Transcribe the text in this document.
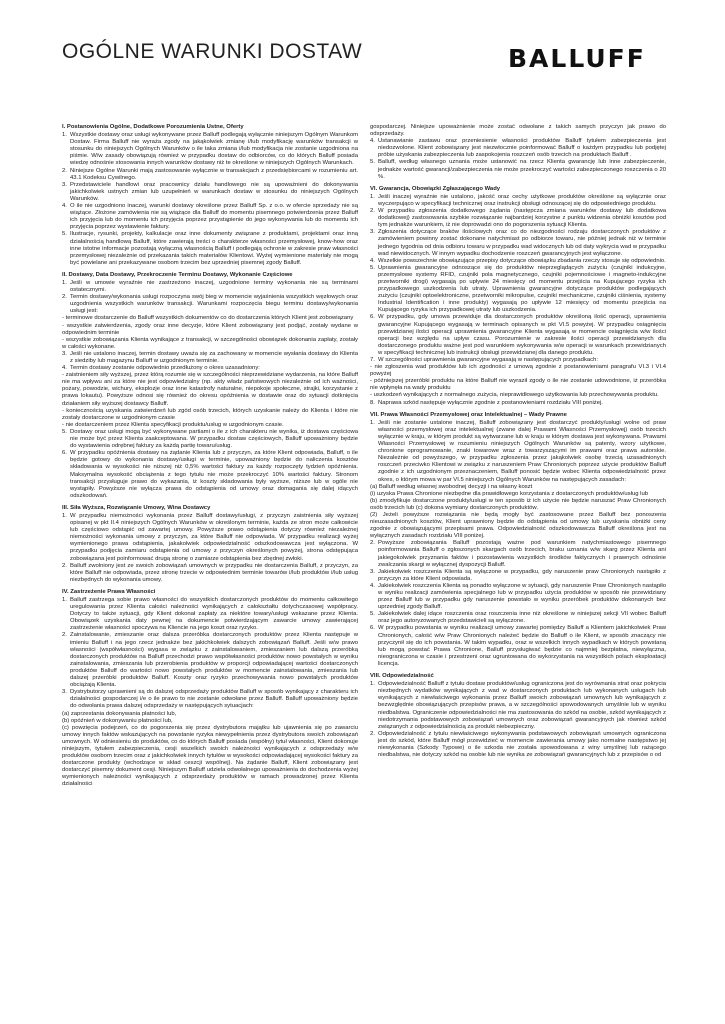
OGÓLNE WARUNKI DOSTAW	BALLUFF
I. Postanowienia Ogólne, Dodatkowe Porozumienia Ustne, Oferty
1. Wszystkie dostawy oraz usługi wykonywane przez Balluff podlegają wyłącznie niniejszym Ogólnym Warunkom Dostaw. Firma Balluff nie wyraża zgody na jakąkolwiek zmianę i/lub modyfikację warunków transakcji w stosunku do niniejszych Ogólnych Warunków o ile taka zmiana i/lub modyfikacja nie zostanie uzgodniona na piśmie. W/w zasady obowiązują również w przypadku dostaw do odbiorców, co do których Balluff posiada wiedzę odnośnie stosowania innych warunków dostawy niż te określone w niniejszych Ogólnych Warunkach.
2. Niniejsze Ogólne Warunki mają zastosowanie wyłącznie w transakcjach z przedsiębiorcami w rozumieniu art. 43.1 Kodeksu Cywilnego.
3. Przedstawiciele handlowi oraz pracownicy działu handlowego nie są upoważnieni do dokonywania jakichkolwiek ustnych zmian lub uzupełnień w warunkach dostaw w stosunku do niniejszych Ogólnych Warunków.
4. O ile nie uzgodniono inaczej, warunki dostawy określone przez Balluff Sp. z o.o. w ofercie sprzedaży nie są wiążące. Złożone zamówienia nie są wiążące dla Balluff do momentu pisemnego potwierdzenia przez Balluff ich przyjęcia lub do momentu ich przyjęcia poprzez przystąpienie do jego wykonywania lub do momentu ich przyjęcia poprzez wystawienie faktury.
5. Ilustracje, rysunki, projekty, kalkulacje oraz inne dokumenty związane z produktami, projektami oraz inną działalnością handlową Balluff, które zawierają treści o charakterze własności przemysłowej, know-how oraz inne istotne informacje pozostają wyłączną własnością Balluff i podlegają ochronie w zakresie praw własności przemysłowej niezależnie od przekazania takich materiałów Klientowi. Wyżej wymienione materiały nie mogą być powielane ani przekazywane osobom trzecim bez uprzedniej pisemnej zgody Balluff.
II. Dostawy, Data Dostawy, Przekroczenie Terminu Dostawy, Wykonanie Częściowe
1. Jeśli w umowie wyraźnie nie zastrzeżono inaczej, uzgodnione terminy wykonania nie są terminami ostatecznymi.
2. Termin dostawy/wykonania usługi rozpoczyna swój bieg w momencie wyjaśnienia wszystkich węzłowych oraz uzgodnienia wszystkich warunków transakcji. Warunkami rozpoczęcia biegu terminu dostawy/wykonania usługi jest:
- terminowe dostarczenie do Balluff wszystkich dokumentów co do dostarczenia których Klient jest zobowiązany
- wszystkie zatwierdzenia, zgody oraz inne decyzje, które Klient zobowiązany jest podjąć, zostały wydane w odpowiednim terminie
- wszystkie zobowiązania Klienta wynikające z transakcji, w szczególności obowiązek dokonania zapłaty, zostały w całości wykonane.
3. Jeśli nie ustalono inaczej, termin dostawy uważa się za zachowany w momencie wysłania dostawy do Klienta z siedziby lub magazynu Balluff w uzgodnionym terminie.
4. Termin dostawy zostanie odpowiednio przedłużony o okres uzasadniony:
- zaistnieniem siły wyższej, przez którą rozumie się w szczególności nieprzewidziane wydarzenia, na które Balluff nie ma wpływu ani za które nie jest odpowiedzialny (np. akty władz państwowych niezależnie od ich ważności, pożary, powodzie, wichury, eksplozje oraz inne katastrofy naturalne, niepokoje społeczne, strajki, korzystanie z prawa lokautu). Powyższe odnosi się również do okresu opóźnienia w dostawie oraz do sytuacji dotknięcia działaniem siły wyższej dostawcy Balluff.
- koniecznością uzyskania zatwierdzeń lub zgód osób trzecich, których uzyskanie należy do Klienta i które nie zostały dostarczone w uzgodnionym czasie
- nie dostarczeniem przez Klienta specyfikacji produktu/usług w uzgodnionym czasie.
5. Dostawy oraz usługi mogą być wykonywane partiami o ile z ich charakteru nie wynika, iż dostawa częściowa nie może być przez Klienta zaakceptowana. W przypadku dostaw częściowych, Balluff upoważniony będzie do wystawienia odrębnej faktury za każdą partię towaru/usług.
6. W przypadku opóźnienia dostawy na żądanie Klienta lub z przyczyn, za które Klient odpowiada, Balluff, o ile będzie gotowy do wykonania dostawy/usługi w terminie, upoważniony będzie do naliczenia kosztów składowania w wysokości nie niższej niż 0,5% wartości faktury za każdy rozpoczęty tydzień opóźnienia. Maksymalna wysokość obciążenia z tego tytułu nie może przekroczyć 10% wartości faktury. Stronom transakcji przysługuje prawo do wykazania, iż koszty składowania były wyższe, niższe lub w ogóle nie wystąpiły. Powyższe nie wyłącza prawa do odstąpienia od umowy oraz domagania się dalej idących odszkodowań.
III. Siła Wyższa, Rozwiązanie Umowy, Wina Dostawcy
1. W przypadku niemożności wykonania przez Balluff dostawy/usługi, z przyczyn zaistnienia siły wyższej opisanej w pkt II.4 niniejszych Ogólnych Warunków w określonym terminie, każda ze stron może całkowicie lub częściowo odstąpić od zawartej umowy. Powyższe prawo odstąpienia dotyczy również niezależnej niemożności wykonania umowy z przyczyn, za które Balluff nie odpowiada. W przypadku realizacji wyżej wymienionego prawa odstąpienia, jakakolwiek odpowiedzialność odszkodowawcza jest wyłączona. W przypadku podjęcia zamiaru odstąpienia od umowy z przyczyn określonych powyżej, strona odstępująca zobowiązana jest poinformować drugą stronę o zamiarze odstąpienia bez zbędnej zwłoki.
2. Balluff zwolniony jest ze swoich zobowiązań umownych w przypadku nie dostarczenia Balluff, z przyczyn, za które Balluff nie odpowiada, przez stronę trzecie w odpowiednim terminie towarów i/lub produktów i/lub usług niezbędnych do wykonania umowy.
IV. Zastrzeżenie Prawa Własności
1. Balluff zastrzega sobie prawo własności do wszystkich dostarczonych produktów do momentu całkowitego uregulowania przez Klienta całości należności wynikających z całokształtu dotychczasowej współpracy. Dotyczy to także sytuacji, gdy Klient dokonał zapłaty za niektóre towary/usługi wskazane przez Klienta. Obowiązek uzyskania daty pewnej na dokumencie potwierdzającym zawarcie umowy zawierającej zastrzeżenie własności spoczywa na Kliencie na jego koszt oraz ryzyko.
2. Zainstalowanie, zmieszanie oraz dalsza przeróbka dostarczonych produktów przez Klienta następuje w imieniu Balluff i na jego rzecz jednakże bez jakichkolwiek dalszych zobowiązań Balluff. Jeśli w/w prawo własności (współwłasności) wygasa w związku z zainstalowaniem, zmieszaniem lub dalszą przeróbką dostarczonych produktów na Balluff przechodzi prawo współwłasności produktów nowo powstałych w wyniku zainstalowania, zmieszania lub przerobienia produktów w proporcji odpowiadającej wartości dostarczonych produktów Balluff do wartości nowo powstałych produktów w momencie zainstalowania, zmieszania lub dalszej przeróbki produktów Balluff. Koszty oraz ryzyko przechowywania nowo powstałych produktów obciążają Klienta.
3. Dystrybutorzy uprawnieni są do dalszej odsprzedaży produktów Balluff w sposób wynikający z charakteru ich działalności gospodarczej i/e o ile prawo to nie zostanie odwołane przez Balluff. Balluff upoważniony będzie do odwołania prawa dalszej odsprzedaży w następujących sytuacjach:
(a) zaprzestania dokonywania płatności lub,
(b) opóźnień w dokonywaniu płatności lub,
(c) powzięcia podejrzeń, co do pogorszenia się przez dystrybutora majątku lub ujawnienia się po zawarciu umowy innych faktów wskazujących na powstanie ryzyka niewypełnienia przez dystrybutora swoich zobowiązań umownych. W odniesieniu do produktów, co do których Balluff posiada (współny) tytuł własności, Klient dokonuje niniejszym, tytułem zabezpieczenia, cesji wszelkich swoich należności wynikających z odsprzedaży w/w produktów osobom trzecim oraz z jakichkolwiek innych tytułów w wysokości odpowiadającej wysokości faktury za dostarczone produkty (wchodzące w skład ceszcji wspólnej). Na żądanie Balluff, Klient zobowiązany jest dostarczyć pisemny dokument cesji. Niniejszym Balluff udziela odwołalnego upoważnienia do dochodzenia wyżej wymienionych należności wynikających z odsprzedaży produktów w ramach prowadzonej przez Klienta działalności
gospodarczej. Niniejsze upoważnienie może zostać odwołane z takich samych przyczyn jak prawo do odsprzedaży.
4. Ustanawianie zastawu oraz przeniesienie własności produktów Balluff tytułem zabezpieczenia jest niedozwolone. Klient zobowiązany jest niezwłocznie poinformować Balluff o każdym przypadku lub podjętej próbie użyskania zabezpieczenia lub zaspokojenia roszczeń osób trzecich na produktach Balluff .
5. Balluff, według własnego uznania może ustanowić na rzecz Klienta gwarancję lub inne zabezpieczenie, jednakże wartość gwarancji/zabezpieczenia nie może przekroczyć wartości zabezpieczonego roszczenia o 20 %.
VI. Gwarancja, Obowiązki Zgłaszającego Wady
1. Jeśli inaczej wyraźnie nie ustalono, jakość oraz cechy użytkowe produktów określone są wyłącznie oraz wyczerpująco w specyfikacji technicznej oraz instrukcji obsługi odnoszącej się do odpowiedniego produktu.
2. W przypadku zgłoszenia dodatkowego żądania (następcza zmiana warunków dostawy lub dodatkowa dodatkowej) zastosowania szybkie rozwiązanie najbardziej korzystne z punktu widzenia obniżki kosztów pod tym jednakże warunkiem, iż nie doprowadzi ono do pogorszenia sytuacji Klienta.
3. Zgłoszenia dotyczące braków ilościowych oraz co do niezgodności rodzaju dostarczonych produktów z zamówieniem powinny zostać dokonane natychmiast po odbiorze towaru, nie później jednak niż w terminie jednego tygodnia od dnia odbioru towaru w przypadku wad widocznych lub od daty wykrycia wad w przypadku wad niewidocznych. W innym wypadku dochodzenie roszczeń gwarancyjnych jest wyłączone.
4. Wszelkie powszechnie obowiązujące przepisy dotyczące obowiązku zbadania rzeczy stosuje się odpowiednio.
5. Uprawnienia gwarancyjne odnoszące się do produktów nieprzeglądących zużyciu (czujniki indukcyjne, przemysłowe systemy RFID, czujniki pola magnetycznego, czujniki pojemnościowe i magneto-indukcyjne przetworniki drogi) wygasają po upływie 24 miesięcy od momentu przejścia na Kupującego ryzyka ich przypadkowego uszkodzenia lub utraty. Uprawnienia gwarancyjne dotyczące produktów podlegających zużyciu (czujniki optoelektroniczne, przetworniki mikropulse, czujniki mechaniczne, czujniki ciśnienia, systemy Industrial Identification i inne produkty) wygasają po upływie 12 miesięcy od momentu przejścia na Kupującego ryzyka ich przypadkowej utraty lub uszkodzenia.
6. W przypadku, gdy umowa przewiduje dla dostarczonych produktów określoną ilość operacji, uprawnienia gwarancyjne Kupującego wygasają w terminach opisanych w pkt VI.5 powyżej. W przypadku osiągnięcia przewidzianej ilości operacji uprawnienia gwarancyjne Klienta wygasają w momencie osiągnięcia w/w ilości operacji bez względu na upływ czasu. Porozumienie w zakresie ilości operacji przewidzianych dla dostarczonego produktu ważne jest pod warunkiem wykonywania w/w operacji w warunkach przewidzianych w specyfikacji technicznej lub instrukcji obsługi przewidzianej dla danego produktu.
7. W szczególności uprawnienia gwarancyjne wygasają w następujących przypadkach:
- nie zgłoszenia wad produktów lub ich zgodności z umową zgodnie z postanowieniami paragrafu VI.3 i VI.4 powyżej
- późniejszej przeróbki produktu na które Balluff nie wyraził zgody o ile nie zostanie udowodnione, iż przeróbka nie wpłynęła na wady produktu
- uszkodzeń wynikających z normalnego zużycia, nieprawidłowego użytkowania lub przechowywania produktu.
8. Naprawa szkód następuje wyłącznie zgodnie z postanowieniami rozdziału VIII poniżej.
VII. Prawa Własności Przemysłowej oraz Intelektualnej – Wady Prawne
1. Jeśli nie zostanie ustalone inaczej, Balluff zobowiązany jest dostarczyć produkty/usługi wolne od praw własności przemysłowej oraz intelektualnej (zwane dalej Prawami Własności Przemysłowej) osób trzecich wyłącznie w kraju, w którym produkt są wytwarzane lub w kraju w którym dostawa jest wykonywana. Prawami Własności Przemysłowej w rozumieniu niniejszych Ogólnych Warunków są patenty, wzory użytkowe, chronione oprogramowanie, znaki towarowe wraz z towarzyszącymi im prawami oraz prawa autorskie. Niezależnie od powyższego, w przypadku zgłoszenia przez jakąkolwiek osobę trzecią uzasadnionych roszczeń przeciwko Klientowi w związku z naruszeniem Praw Chronionych poprzez użycie produktów Balluff zgodnie z ich uzgodnionym przeznaczeniem, Balluff ponosić będzie wobec Klienta odpowiedzialność przez okres, o którym mowa w par VI.5 niniejszych Ogólnych Warunków na następujących zasadach:
(a) Balluff według własnej swobodnej decyzji i na własny koszt
(i) uzyska Prawa Chronione niezbędne dla prawidłowego korzystania z dostarczonych produktów/usług lub
(b) zmodyfikuje dostarczone produkty/usługi w ten sposób iż ich użycie nie będzie naruszać Praw Chronionych osób trzecich lub (c) dokona wymiany dostarczonych produktów.
(2) Jeżeli powyższe rozwiązania nie będą mogły być zastosowane przez Balluff bez ponoszenia nieuzasadnionych kosztów, Klient uprawniony będzie do odstąpienia od umowy lub uzyskania obniżki ceny zgodnie z obowiązującymi przepisami prawa. Odpowiedzialność odszkodowawcza Balluff określona jest na wyłącznych zasadach rozdziału VIII poniżej.
2. Powyższe zobowiązania Balluff pozostają ważne pod warunkiem natychmiastowego pisemnego poinformowania Balluff o zgłoszonych skargach osób trzecich, braku uznania w/w skarg przez Klienta ani jakiegokolwiek przyznania faktów i pozostawienia wszystkich środków faktycznych i prawnych odnośnie zwalczania skargi w wyłącznej dyspozycji Balluff.
3. Jakiekolwiek roszczenia Klienta są wyłączone w przypadku, gdy naruszenie praw Chronionych nastąpiło z przyczyn za które Klient odpowiada.
4. Jakiekolwiek roszczenia Klienta są ponadto wyłączone w sytuacji, gdy naruszenie Praw Chronionych nastąpiło w wyniku realizacji zamówienia specjalnego lub w przypadku użycia produktów w sposób nie przewidziany przez Balluff lub w przypadku gdy naruszenie powstało w wyniku przeróbek produktów dokonanych bez uprzedniej zgody Balluff.
5. Jakiekolwiek dalej idące roszczenia oraz roszczenia inne niż określone w niniejszej sekcji VII wobec Balluff oraz jego autoryzowanych przedstawicieli są wyłączone.
6. W przypadku powstania w wyniku realizacji umowy zawartej pomiędzy Balluff a Klientem jakichkolwiek Praw Chronionych, całość w/w Praw Chronionych należeć będzie do Balluff o ile Klient, w sposób znaczący nie przyczynił się do ich powstania. W takim wypadku, oraz w wszelkich innych wypadkach w których powstaną lub mogą powstać Prawa Chronione, Balluff przysługiwać będzie co najmniej bezpłatna, niewyłączna, nieograniczona w czasie i przestrzeni oraz ugruntowana do wykorzystania na wszystkich polach eksploatacji licencja.
VIII. Odpowiedzialność
1. Odpowiedzialność Balluff z tytułu dostaw produktów/usług ograniczona jest do wyrównania strat oraz pokrycia niezbędnych wydatków wynikających z wad w dostarczonych produktach lub wykonanych usługach lub wynikających z niewłaściwego wykonania przez Balluff swoich zobowiązań umownych lub wynikających z bezwzględnie obowiązujących przepisów prawa, a w szczególności spowodowanych umyślnie lub w wyniku niedbalstwa. Ograniczenie odpowiedzialności nie ma zastosowania do szkód na osobie, szkód wynikających z niedotrzymania podstawowych zobowiązań umownych oraz zobowiązań gwarancyjnych jak również szkód związanych z odpowiedzialnością za produkt niebezpieczny.
2. Odpowiedzialność z tytułu niewłaściwego wykonywania podstawowych zobowiązań umownych ograniczona jest do szkód, które Balluff mógł przewidzieć w momencie zawierania umowy jako normalne następstwo jej niewykonania (Szkody Typowe) o ile szkoda nie została spowodowana z winy umyślnej lub rażącego niedbalstwa, nie dotyczy szkód na osobie lub nie wynika ze zobowiązań gwarancyjnych lub z przepisów o od
